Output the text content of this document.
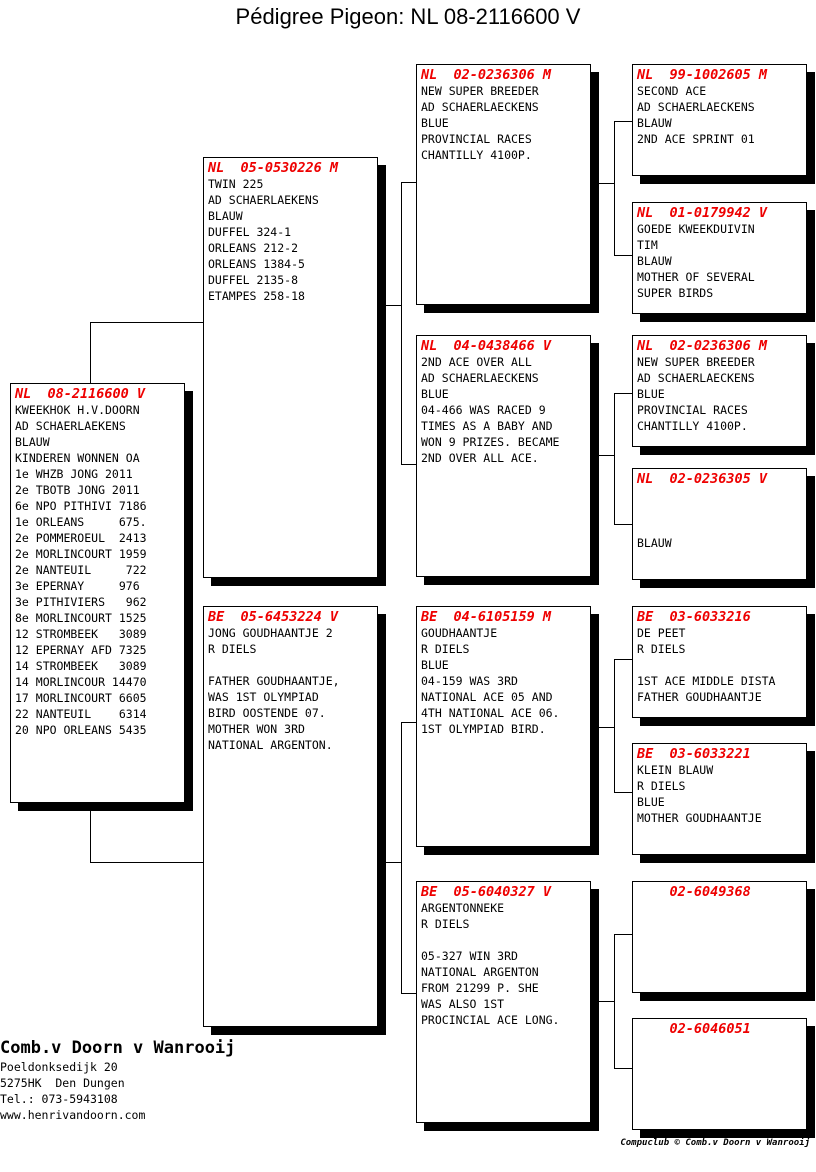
Pédigree Pigeon: NL 08-2116600 V
NL  08-2116600 V
KWEEKHOK H.V.DOORN
AD SCHAERLAEKENS
BLAUW
KINDEREN WONNEN OA
1e WHZB JONG 2011
2e TBOTB JONG 2011
6e NPO PITHIVI 7186
1e ORLEANS     675.
2e POMMEROEUL  2413
2e MORLINCOURT 1959
2e NANTEUIL     722
3e EPERNAY     976
3e PITHIVIERS   962
8e MORLINCOURT 1525
12 STROMBEEK   3089
12 EPERNAY AFD 7325
14 STROMBEEK   3089
14 MORLINCOUR 14470
17 MORLINCOURT 6605
22 NANTEUIL    6314
20 NPO ORLEANS 5435
NL  05-0530226 M
TWIN 225
AD SCHAERLAEKENS
BLAUW
DUFFEL 324-1
ORLEANS 212-2
ORLEANS 1384-5
DUFFEL 2135-8
ETAMPES 258-18
BE  05-6453224 V
JONG GOUDHAANTJE 2
R DIELS

FATHER GOUDHAANTJE,
WAS 1ST OLYMPIAD
BIRD OOSTENDE 07.
MOTHER WON 3RD
NATIONAL ARGENTON.
NL  02-0236306 M
NEW SUPER BREEDER
AD SCHAERLAECKENS
BLUE
PROVINCIAL RACES
CHANTILLY 4100P.
NL  04-0438466 V
2ND ACE OVER ALL
AD SCHAERLAECKENS
BLUE
04-466 WAS RACED 9
TIMES AS A BABY AND
WON 9 PRIZES. BECAME
2ND OVER ALL ACE.
BE  04-6105159 M
GOUDHAANTJE
R DIELS
BLUE
04-159 WAS 3RD
NATIONAL ACE 05 AND
4TH NATIONAL ACE 06.
1ST OLYMPIAD BIRD.
BE  05-6040327 V
ARGENTONNEKE
R DIELS

05-327 WIN 3RD
NATIONAL ARGENTON
FROM 21299 P. SHE
WAS ALSO 1ST
PROCINCIAL ACE LONG.
NL  99-1002605 M
SECOND ACE
AD SCHAERLAECKENS
BLAUW
2ND ACE SPRINT 01
NL  01-0179942 V
GOEDE KWEEKDUIVIN
TIM
BLAUW
MOTHER OF SEVERAL
SUPER BIRDS
NL  02-0236306 M
NEW SUPER BREEDER
AD SCHAERLAECKENS
BLUE
PROVINCIAL RACES
CHANTILLY 4100P.
NL  02-0236305 V

BLAUW
BE  03-6033216
DE PEET
R DIELS

1ST ACE MIDDLE DISTA
FATHER GOUDHAANTJE
BE  03-6033221
KLEIN BLAUW
R DIELS
BLUE
MOTHER GOUDHAANTJE
02-6049368
02-6046051
Comb.v Doorn v Wanrooij
Poeldonksedijk 20
5275HK  Den Dungen
Tel.: 073-5943108
www.henrivandoorn.com
Compuclub © Comb.v Doorn v Wanrooij
